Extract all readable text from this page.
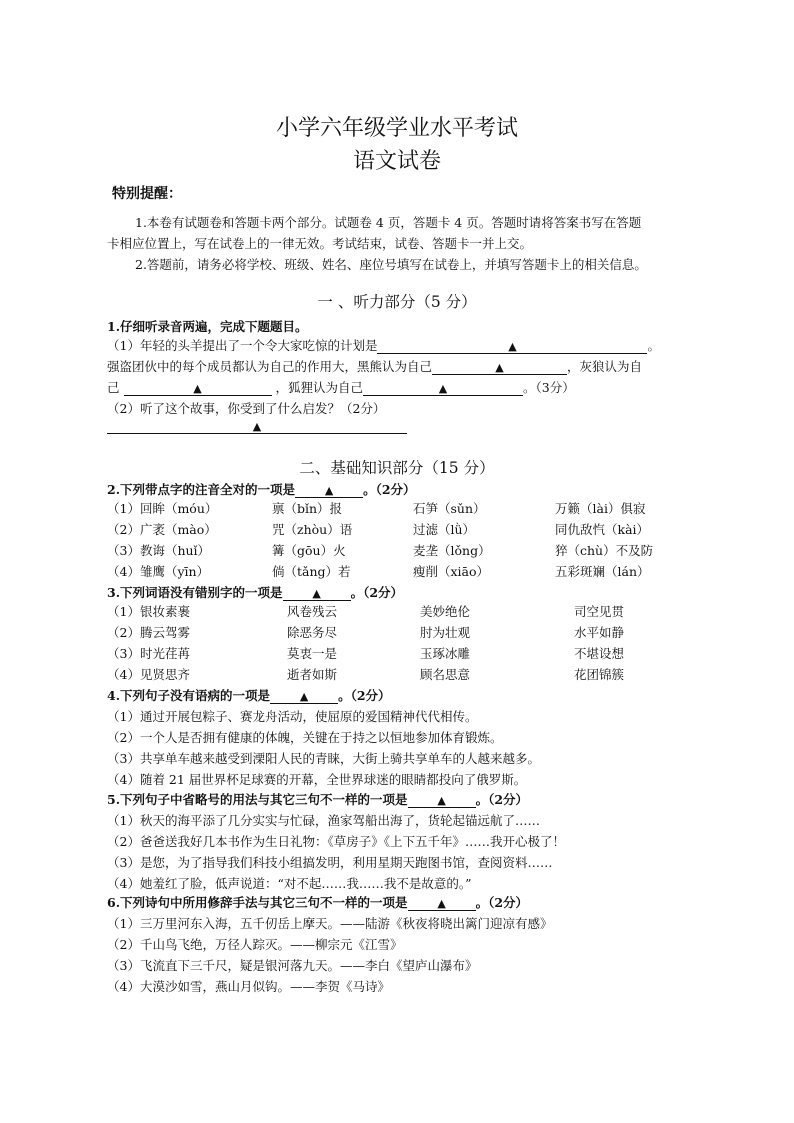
小学六年级学业水平考试
语文试卷
特别提醒：
1.本卷有试题卷和答题卡两个部分。试题卷 4 页，答题卡 4 页。答题时请将答案书写在答题
卡相应位置上，写在试卷上的一律无效。考试结束，试卷、答题卡一并上交。
2.答题前，请务必将学校、班级、姓名、座位号填写在试卷上，并填写答题卡上的相关信息。
一 、听力部分（5 分）
1.仔细听录音两遍，完成下题题目。
（1）年轻的头羊提出了一个令大家吃惊的计划是	▲	。
强盗团伙中的每个成员都认为自己的作用大，黑熊认为自己	▲	，灰狼认为自
己	▲	，狐狸认为自己	▲	。（3分）
（2）听了这个故事，你受到了什么启发？（2分）
▲
二、基础知识部分（15 分）
2.下列带点字的注音全对的一项是	▲ 。（2分）
（1）回眸（móu）	禀（bǐn）报	石笋（sǔn）	万籁（lài）俱寂
（2）广袤（mào）	咒（zhòu）语	过滤（lǜ）	同仇敌忾（kài）
（3）教诲（huǐ）	篝（gōu）火	麦垄（lǒng）	猝（chù）不及防
（4）雏鹰（yīn）	倘（tǎng）若	瘦削（xiāo）	五彩斑斓（lán）
3.下列词语没有错别字的一项是	▲ 。（2分）
（1）银妆素裹	风卷残云	美妙绝伦	司空见贯
（2）腾云驾雾	除恶务尽	肘为壮观	水平如静
（3）时光荏苒	莫衷一是	玉琢冰雕	不堪设想
（4）见贤思齐	逝者如斯	顾名思意	花团锦簇
4.下列句子没有语病的一项是	▲ 。（2分）
（1）通过开展包粽子、赛龙舟活动，使屈原的爱国精神代代相传。
（2）一个人是否拥有健康的体魄，关键在于持之以恒地参加体育锻炼。
（3）共享单车越来越受到溧阳人民的青睐，大街上骑共享单车的人越来越多。
（4）随着 21 届世界杯足球赛的开幕，全世界球迷的眼睛都投向了俄罗斯。
5.下列句子中省略号的用法与其它三句不一样的一项是	▲ 。（2分）
（1）秋天的海平添了几分实实与忙碌，渔家驾船出海了，货轮起锚远航了……
（2）爸爸送我好几本书作为生日礼物：《草房子》《上下五千年》……我开心极了！
（3）是您，为了指导我们科技小组搞发明，利用星期天跑图书馆，查阅资料……
（4）她羞红了脸，低声说道：“对不起……我……我不是故意的。”
6.下列诗句中所用修辞手法与其它三句不一样的一项是	▲ 。（2分）
（1）三万里河东入海，五千仞岳上摩天。——陆游《秋夜将晓出篱门迎凉有感》
（2）千山鸟飞绝，万径人踪灭。——柳宗元《江雪》
（3）飞流直下三千尺，疑是银河落九天。——李白《望庐山瀑布》
（4）大漠沙如雪，燕山月似钩。——李贺《马诗》
